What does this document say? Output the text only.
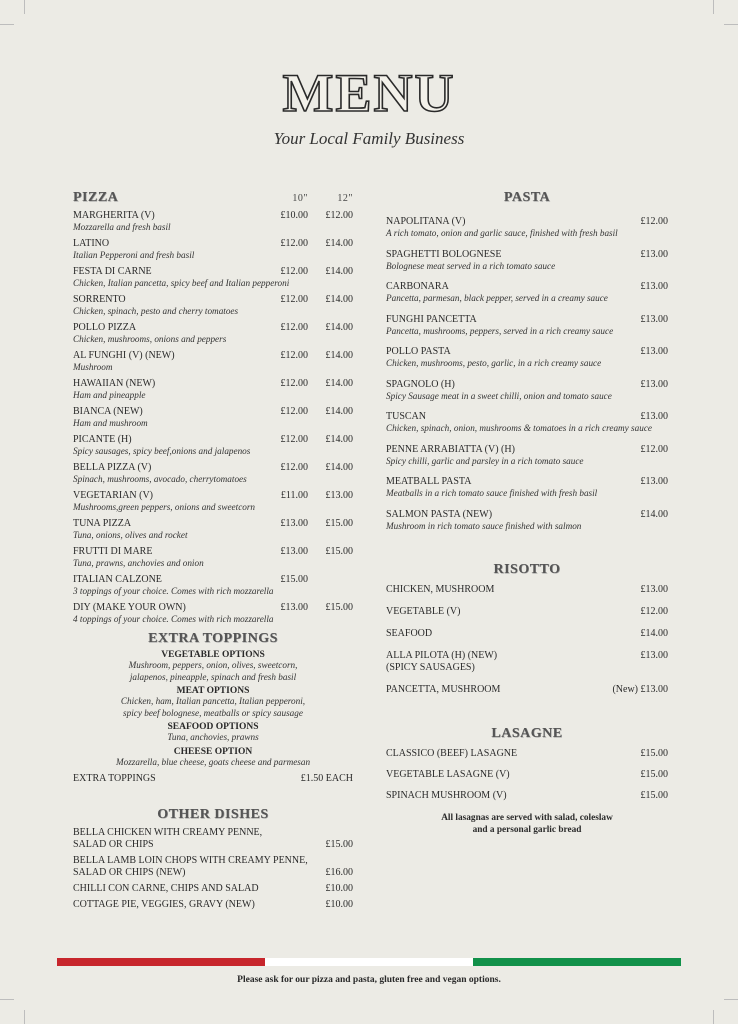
MENU
Your Local Family Business
PIZZA	10"	12"
MARGHERITA (V)	£10.00	£12.00
Mozzarella and fresh basil
LATINO	£12.00	£14.00
Italian Pepperoni and fresh basil
FESTA DI CARNE	£12.00	£14.00
Chicken, Italian pancetta, spicy beef and Italian pepperoni
SORRENTO	£12.00	£14.00
Chicken, spinach, pesto and cherry tomatoes
POLLO PIZZA	£12.00	£14.00
Chicken, mushrooms, onions and peppers
AL FUNGHI (V) (NEW)	£12.00	£14.00
Mushroom
HAWAIIAN (NEW)	£12.00	£14.00
Ham and pineapple
BIANCA (NEW)	£12.00	£14.00
Ham and mushroom
PICANTE (H)	£12.00	£14.00
Spicy sausages, spicy beef,onions and jalapenos
BELLA PIZZA (V)	£12.00	£14.00
Spinach, mushrooms, avocado, cherrytomatoes
VEGETARIAN (V)	£11.00	£13.00
Mushrooms,green peppers, onions and sweetcorn
TUNA PIZZA	£13.00	£15.00
Tuna, onions, olives and rocket
FRUTTI DI MARE	£13.00	£15.00
Tuna, prawns, anchovies and onion
ITALIAN CALZONE	£15.00
3 toppings of your choice. Comes with rich mozzarella
DIY (MAKE YOUR OWN)	£13.00	£15.00
4 toppings of your choice. Comes with rich mozzarella
EXTRA TOPPINGS
VEGETABLE OPTIONS
Mushroom, peppers, onion, olives, sweetcorn,
jalapenos, pineapple, spinach and fresh basil
MEAT OPTIONS
Chicken, ham, Italian pancetta, Italian pepperoni,
spicy beef bolognese, meatballs or spicy sausage
SEAFOOD OPTIONS
Tuna, anchovies, prawns
CHEESE OPTION
Mozzarella, blue cheese, goats cheese and parmesan
EXTRA TOPPINGS	£1.50 EACH
OTHER DISHES
BELLA CHICKEN WITH CREAMY PENNE,
SALAD OR CHIPS	£15.00
BELLA LAMB LOIN CHOPS WITH CREAMY PENNE,
SALAD OR CHIPS (NEW)	£16.00
CHILLI CON CARNE, CHIPS AND SALAD	£10.00
COTTAGE PIE, VEGGIES, GRAVY (NEW)	£10.00
PASTA
NAPOLITANA (V)	£12.00
A rich tomato, onion and garlic sauce, finished with fresh basil
SPAGHETTI BOLOGNESE	£13.00
Bolognese meat served in a rich tomato sauce
CARBONARA	£13.00
Pancetta, parmesan, black pepper, served in a creamy sauce
FUNGHI PANCETTA	£13.00
Pancetta, mushrooms, peppers, served in a rich creamy sauce
POLLO PASTA	£13.00
Chicken, mushrooms, pesto, garlic, in a rich creamy sauce
SPAGNOLO (H)	£13.00
Spicy Sausage meat in a sweet chilli, onion and tomato sauce
TUSCAN	£13.00
Chicken, spinach, onion, mushrooms & tomatoes in a rich creamy sauce
PENNE ARRABIATTA (V) (H)	£12.00
Spicy chilli, garlic and parsley in a rich tomato sauce
MEATBALL PASTA	£13.00
Meatballs in a rich tomato sauce finished with fresh basil
SALMON PASTA (NEW)	£14.00
Mushroom in rich tomato sauce finished with salmon
RISOTTO
CHICKEN, MUSHROOM	£13.00
VEGETABLE (V)	£12.00
SEAFOOD	£14.00
ALLA PILOTA (H) (NEW)	£13.00
(SPICY SAUSAGES)
PANCETTA, MUSHROOM	(New) £13.00
LASAGNE
CLASSICO (BEEF) LASAGNE	£15.00
VEGETABLE LASAGNE (V)	£15.00
SPINACH MUSHROOM (V)	£15.00
All lasagnas are served with salad, coleslaw
and a personal garlic bread
Please ask for our pizza and pasta, gluten free and vegan options.
